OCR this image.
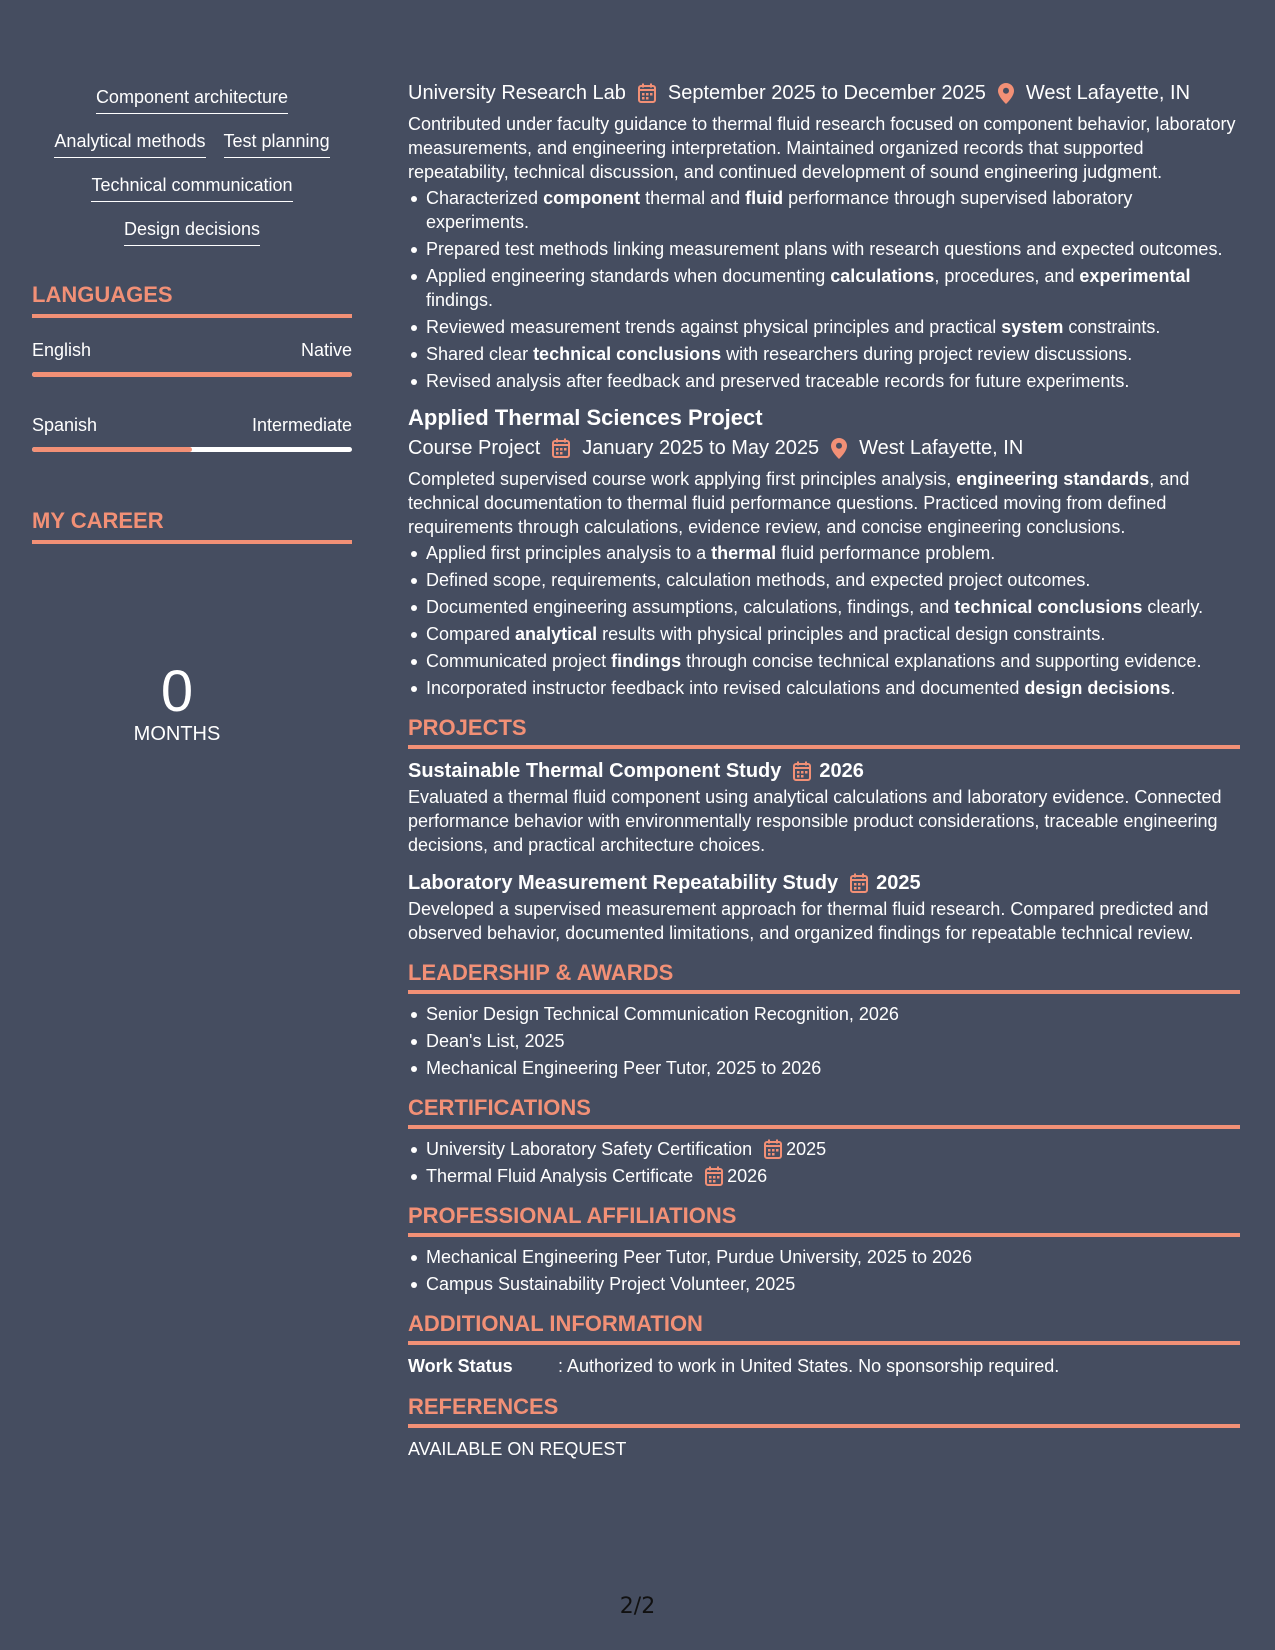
Component architecture
Analytical methods Test planning
Technical communication
Design decisions
LANGUAGES
English	Native
Spanish	Intermediate
MY CAREER
0
MONTHS
University Research Lab September 2025 to December 2025 West Lafayette, IN

Contributed under faculty guidance to thermal fluid research focused on component behavior, laboratory measurements, and engineering interpretation. Maintained organized records that supported repeatability, technical discussion, and continued development of sound engineering judgment.

Characterized component thermal and fluid performance through supervised laboratory experiments.
Prepared test methods linking measurement plans with research questions and expected outcomes.
Applied engineering standards when documenting calculations, procedures, and experimental findings.
Reviewed measurement trends against physical principles and practical system constraints.
Shared clear technical conclusions with researchers during project review discussions.
Revised analysis after feedback and preserved traceable records for future experiments.
Applied Thermal Sciences Project
Course Project January 2025 to May 2025 West Lafayette, IN

Completed supervised course work applying first principles analysis, engineering standards, and technical documentation to thermal fluid performance questions. Practiced moving from defined requirements through calculations, evidence review, and concise engineering conclusions.

Applied first principles analysis to a thermal fluid performance problem.
Defined scope, requirements, calculation methods, and expected project outcomes.
Documented engineering assumptions, calculations, findings, and technical conclusions clearly.
Compared analytical results with physical principles and practical design constraints.
Communicated project findings through concise technical explanations and supporting evidence.
Incorporated instructor feedback into revised calculations and documented design decisions.
PROJECTS
Sustainable Thermal Component Study 2026

Evaluated a thermal fluid component using analytical calculations and laboratory evidence. Connected performance behavior with environmentally responsible product considerations, traceable engineering decisions, and practical architecture choices.

Laboratory Measurement Repeatability Study 2025

Developed a supervised measurement approach for thermal fluid research. Compared predicted and observed behavior, documented limitations, and organized findings for repeatable technical review.

LEADERSHIP & AWARDS
Senior Design Technical Communication Recognition, 2026
Dean's List, 2025
Mechanical Engineering Peer Tutor, 2025 to 2026
CERTIFICATIONS
University Laboratory Safety Certification 2025
Thermal Fluid Analysis Certificate 2026
PROFESSIONAL AFFILIATIONS
Mechanical Engineering Peer Tutor, Purdue University, 2025 to 2026
Campus Sustainability Project Volunteer, 2025
ADDITIONAL INFORMATION
Work Status	: Authorized to work in United States. No sponsorship required.
REFERENCES
AVAILABLE ON REQUEST
2/2
